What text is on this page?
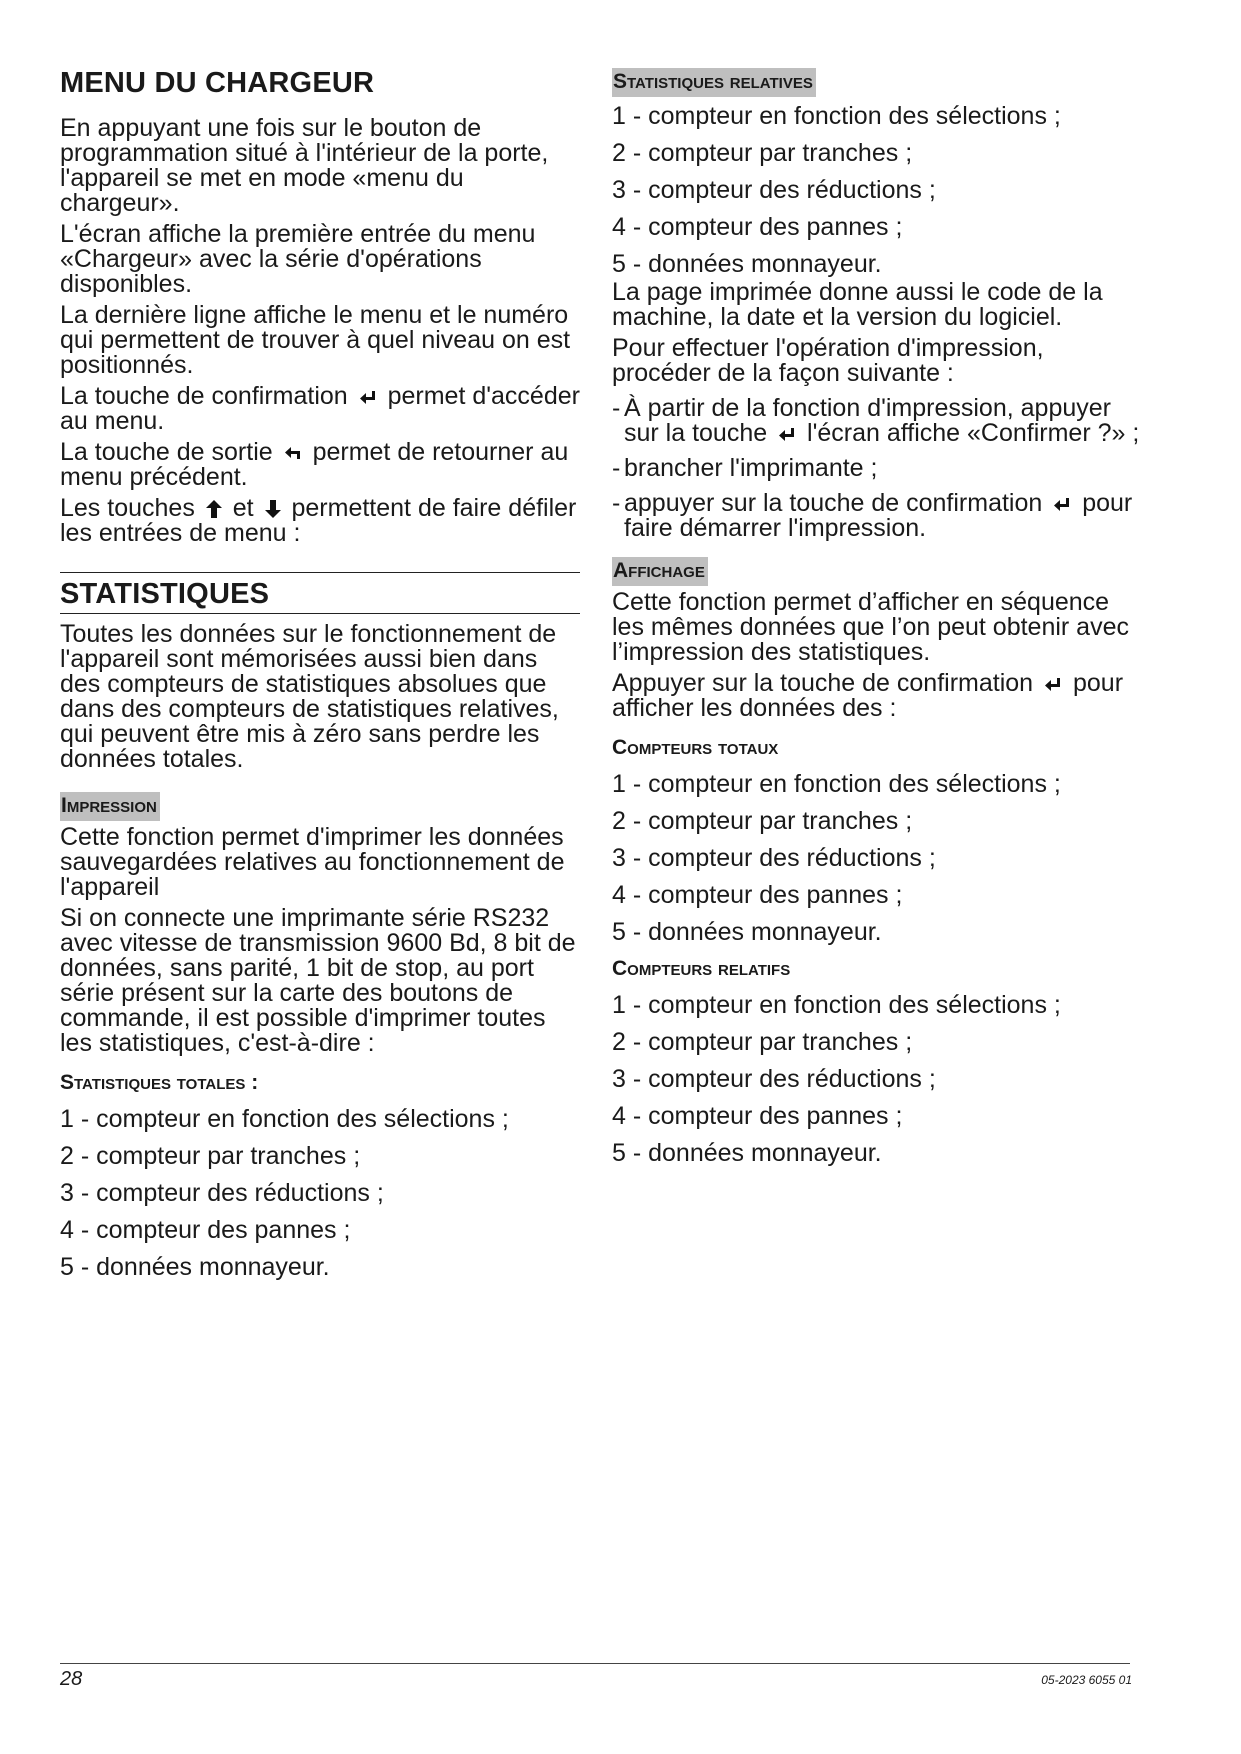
MENU DU CHARGEUR

En appuyant une fois sur le bouton de programmation situé à l'intérieur de la porte, l'appareil se met en mode «menu du chargeur».

L'écran affiche la première entrée du menu «Chargeur» avec la série d'opérations disponibles.

La dernière ligne affiche le menu et le numéro qui permettent de trouver à quel niveau on est positionnés.

La touche de confirmation permet d'accéder au menu.

La touche de sortie permet de retourner au menu précédent.

Les touches et permettent de faire défiler les entrées de menu :

STATISTIQUES

Toutes les données sur le fonctionnement de l'appareil sont mémorisées aussi bien dans des compteurs de statistiques absolues que dans des compteurs de statistiques relatives, qui peuvent être mis à zéro sans perdre les données totales.

Impression

Cette fonction permet d'imprimer les données sauvegardées relatives au fonctionnement de l'appareil

Si on connecte une imprimante série RS232 avec vitesse de transmission 9600 Bd, 8 bit de données, sans parité, 1 bit de stop, au port série présent sur la carte des boutons de commande, il est possible d'imprimer toutes les statistiques, c'est-à-dire :

Statistiques totales :
1 - compteur en fonction des sélections ;
2 - compteur par tranches ;
3 - compteur des réductions ;
4 - compteur des pannes ;
5 - données monnayeur.
Statistiques relatives
1 - compteur en fonction des sélections ;
2 - compteur par tranches ;
3 - compteur des réductions ;
4 - compteur des pannes ;
5 - données monnayeur.

La page imprimée donne aussi le code de la machine, la date et la version du logiciel.

Pour effectuer l'opération d'impression, procéder de la façon suivante :

- À partir de la fonction d'impression, appuyer sur la touche l'écran affiche «Confirmer ?» ;
- brancher l'imprimante ;
- appuyer sur la touche de confirmation pour faire démarrer l'impression.
Affichage

Cette fonction permet d’afficher en séquence les mêmes données que l’on peut obtenir avec l’impression des statistiques.

Appuyer sur la touche de confirmation pour afficher les données des :

Compteurs totaux
1 - compteur en fonction des sélections ;
2 - compteur par tranches ;
3 - compteur des réductions ;
4 - compteur des pannes ;
5 - données monnayeur.
Compteurs relatifs
1 - compteur en fonction des sélections ;
2 - compteur par tranches ;
3 - compteur des réductions ;
4 - compteur des pannes ;
5 - données monnayeur.
28	05-2023 6055 01
